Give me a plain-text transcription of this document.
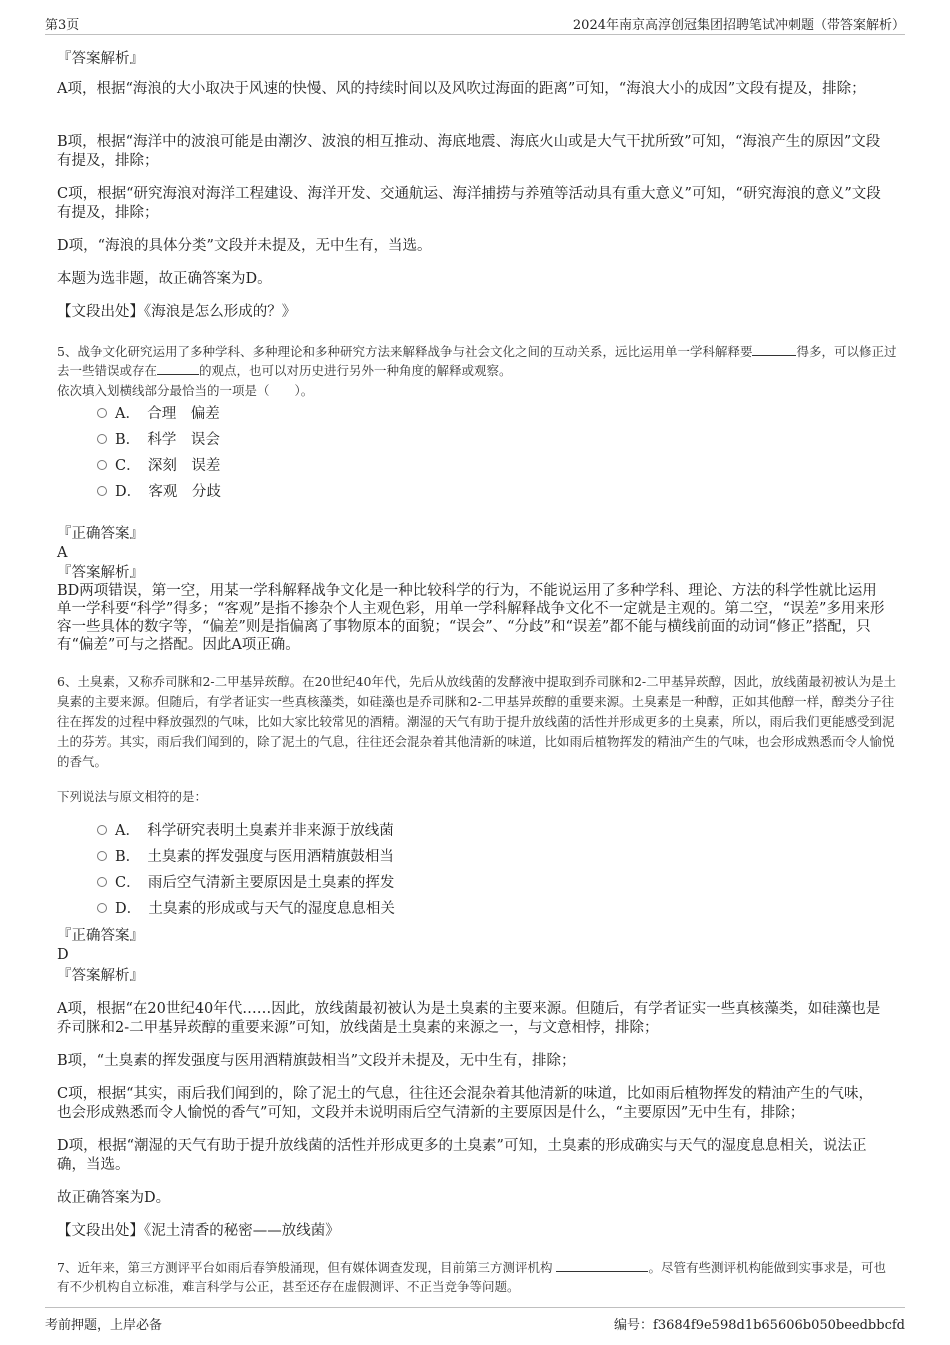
第3页	2024年南京高淳创冠集团招聘笔试冲刺题（带答案解析）

『答案解析』

A项，根据“海浪的大小取决于风速的快慢、风的持续时间以及风吹过海面的距离”可知，“海浪大小的成因”文段有提及，排除；

B项，根据“海洋中的波浪可能是由潮汐、波浪的相互推动、海底地震、海底火山或是大气干扰所致”可知，“海浪产生的原因”文段有提及，排除；

C项，根据“研究海浪对海洋工程建设、海洋开发、交通航运、海洋捕捞与养殖等活动具有重大意义”可知，“研究海浪的意义”文段有提及，排除；

D项，“海浪的具体分类”文段并未提及，无中生有，当选。

本题为选非题，故正确答案为D。

【文段出处】《海浪是怎么形成的？》

5、战争文化研究运用了多种学科、多种理论和多种研究方法来解释战争与社会文化之间的互动关系，远比运用单一学科解释要	得多，可以修正过去一些错误或存在	的观点，也可以对历史进行另外一种角度的解释或观察。

依次填入划横线部分最恰当的一项是（　　）。

A．　合理　偏差
B．　科学　误会
C．　深刻　误差
D．　客观　分歧

『正确答案』

A

『答案解析』

BD两项错误，第一空，用某一学科解释战争文化是一种比较科学的行为，不能说运用了多种学科、理论、方法的科学性就比运用单一学科要“科学”得多；“客观”是指不掺杂个人主观色彩，用单一学科解释战争文化不一定就是主观的。第二空，“误差”多用来形容一些具体的数字等，“偏差”则是指偏离了事物原本的面貌；“误会”、“分歧”和“误差”都不能与横线前面的动词“修正”搭配，只有“偏差”可与之搭配。因此A项正确。

6、土臭素，又称乔司脒和2-二甲基异莰醇。在20世纪40年代，先后从放线菌的发酵液中提取到乔司脒和2-二甲基异莰醇，因此，放线菌最初被认为是土臭素的主要来源。但随后，有学者证实一些真核藻类，如硅藻也是乔司脒和2-二甲基异莰醇的重要来源。土臭素是一种醇，正如其他醇一样，醇类分子往往在挥发的过程中释放强烈的气味，比如大家比较常见的酒精。潮湿的天气有助于提升放线菌的活性并形成更多的土臭素，所以，雨后我们更能感受到泥土的芬芳。其实，雨后我们闻到的，除了泥土的气息，往往还会混杂着其他清新的味道，比如雨后植物挥发的精油产生的气味，也会形成熟悉而令人愉悦的香气。

下列说法与原文相符的是：

A．　科学研究表明土臭素并非来源于放线菌
B．　土臭素的挥发强度与医用酒精旗鼓相当
C．　雨后空气清新主要原因是土臭素的挥发
D．　土臭素的形成或与天气的湿度息息相关

『正确答案』

D

『答案解析』

A项，根据“在20世纪40年代……因此，放线菌最初被认为是土臭素的主要来源。但随后，有学者证实一些真核藻类，如硅藻也是乔司脒和2-二甲基异莰醇的重要来源”可知，放线菌是土臭素的来源之一，与文意相悖，排除；

B项，“土臭素的挥发强度与医用酒精旗鼓相当”文段并未提及，无中生有，排除；

C项，根据“其实，雨后我们闻到的，除了泥土的气息，往往还会混杂着其他清新的味道，比如雨后植物挥发的精油产生的气味，也会形成熟悉而令人愉悦的香气”可知，文段并未说明雨后空气清新的主要原因是什么，“主要原因”无中生有，排除；

D项，根据“潮湿的天气有助于提升放线菌的活性并形成更多的土臭素”可知，土臭素的形成确实与天气的湿度息息相关，说法正确，当选。

故正确答案为D。

【文段出处】《泥土清香的秘密——放线菌》

7、近年来，第三方测评平台如雨后春笋般涌现，但有媒体调查发现，目前第三方测评机构	。尽管有些测评机构能做到实事求是，可也有不少机构自立标准，难言科学与公正，甚至还存在虚假测评、不正当竞争等问题。

考前押题，上岸必备	编号：f3684f9e598d1b65606b050beedbbcfd
